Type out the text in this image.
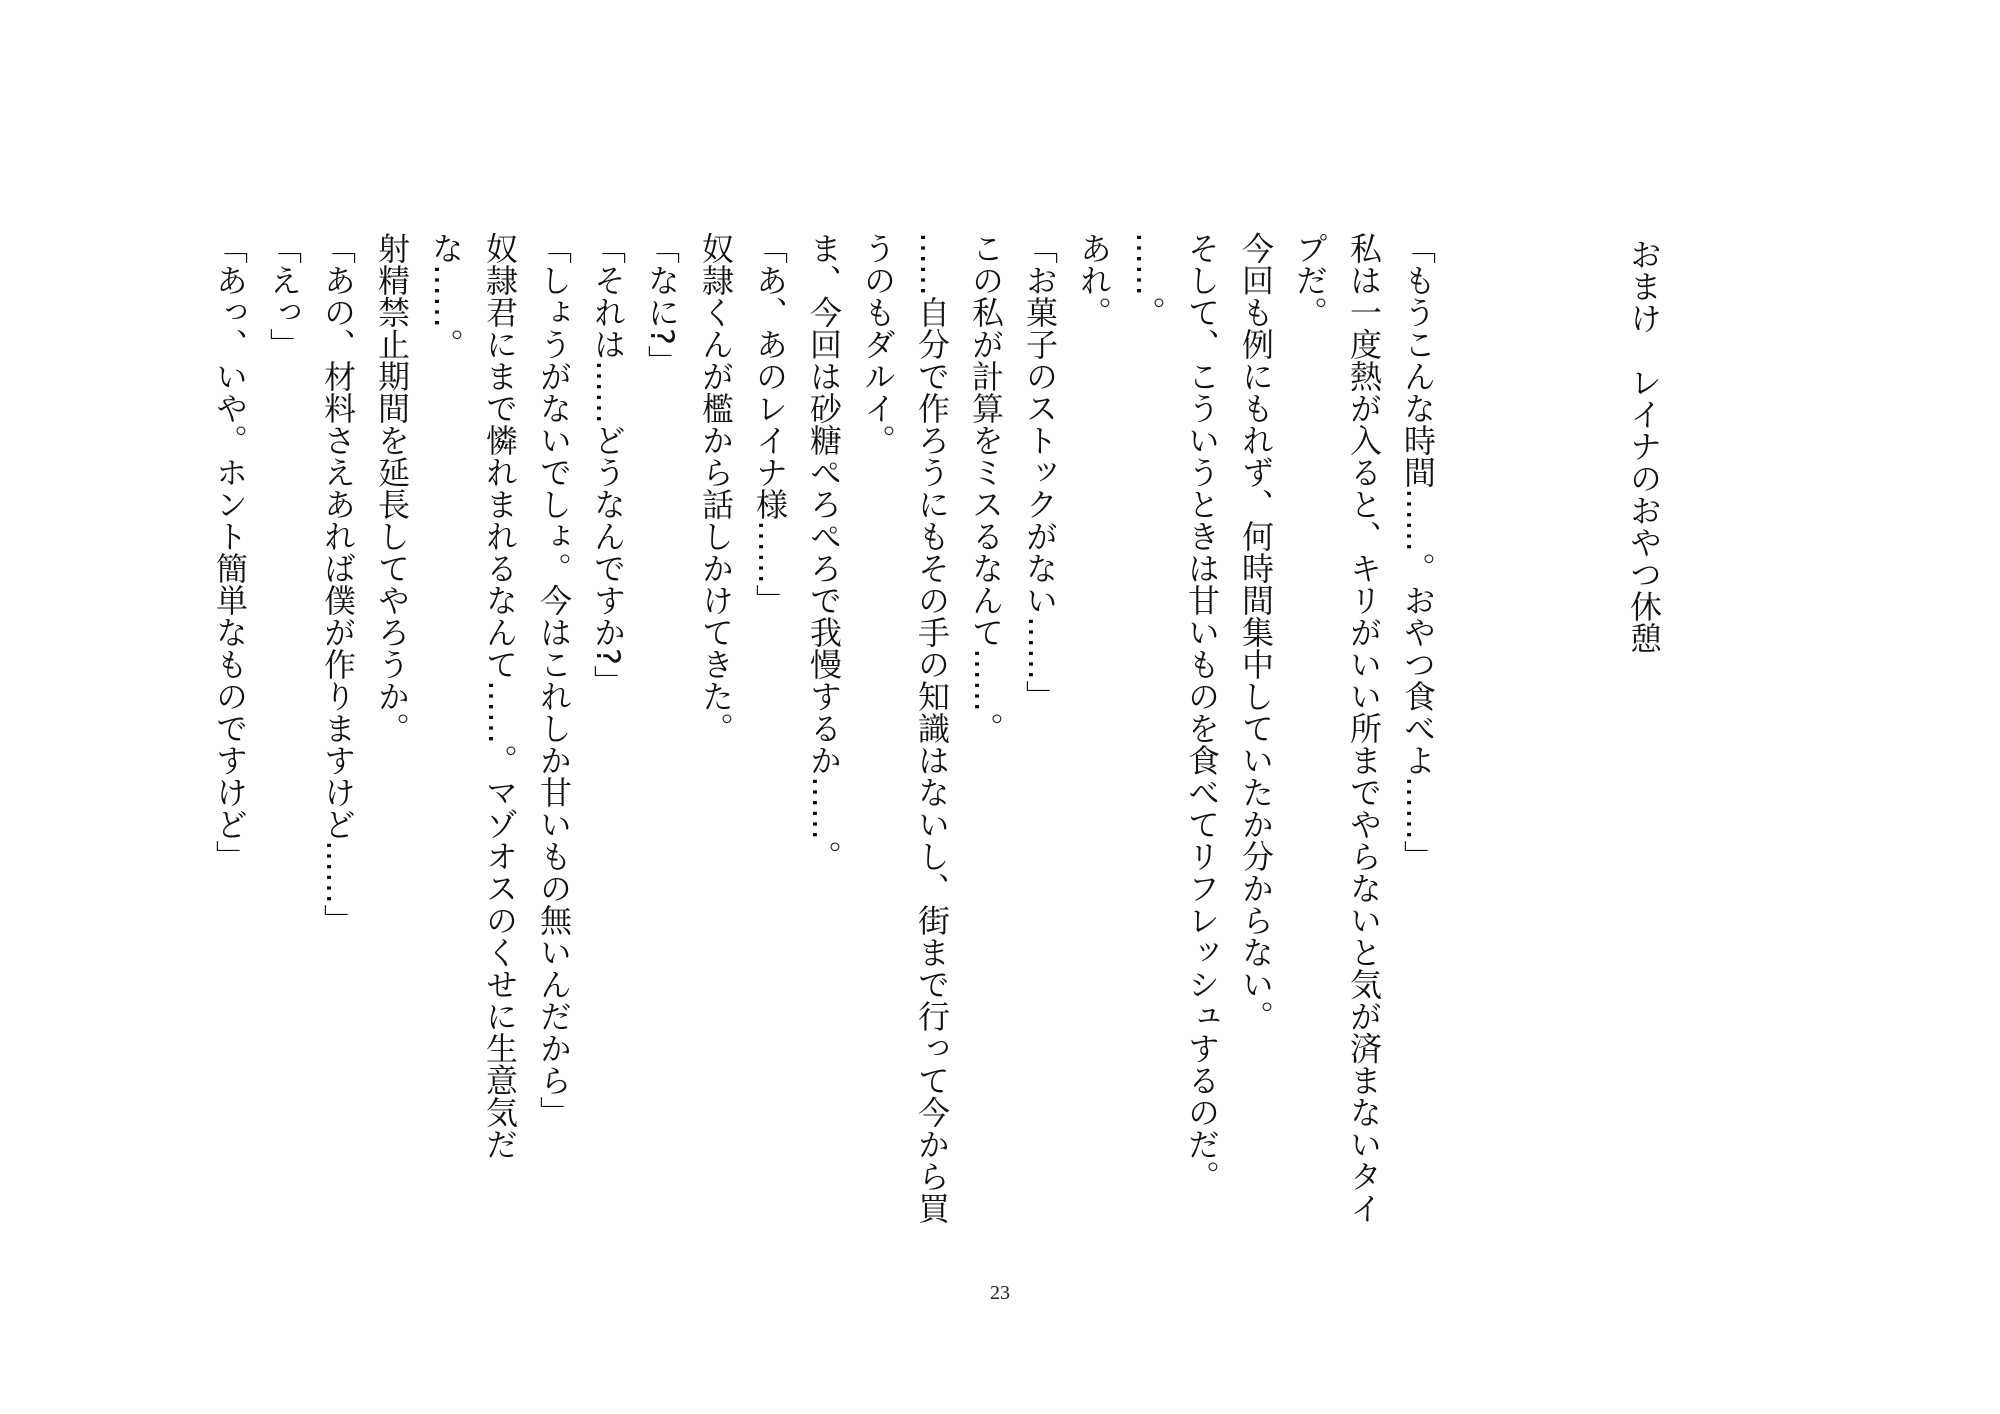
おまけ　レイナのおやつ休憩

「もうこんな時間……。おやつ食べよ……」

私は一度熱が入ると、キリがいい所までやらないと気が済まないタイプだ。

今回も例にもれず、何時間集中していたか分からない。

そして、こういうときは甘いものを食べてリフレッシュするのだ。

……。

あれ。

「お菓子のストックがない……」

この私が計算をミスるなんて……。

……自分で作ろうにもその手の知識はないし、街まで行って今から買うのもダルイ。

ま、今回は砂糖ぺろぺろで我慢するか……。

「あ、あのレイナ様……」

奴隷くんが檻から話しかけてきた。

「なに?」

「それは……どうなんですか?」

「しょうがないでしょ。今はこれしか甘いもの無いんだから」

奴隷君にまで憐れまれるなんて……。マゾオスのくせに生意気だな……。

射精禁止期間を延長してやろうか。

「あの、材料さえあれば僕が作りますけど……」

「えっ」

「あっ、いや。ホント簡単なものですけど」

23
